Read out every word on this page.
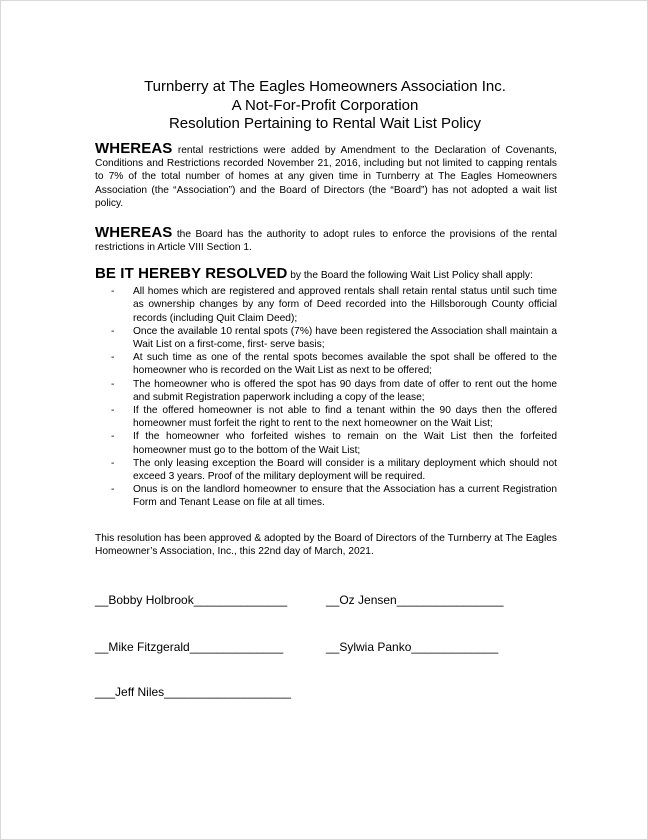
Turnberry at The Eagles Homeowners Association Inc.
A Not-For-Profit Corporation
Resolution Pertaining to Rental Wait List Policy
WHEREAS rental restrictions were added by Amendment to the Declaration of Covenants, Conditions and Restrictions recorded November 21, 2016, including but not limited to capping rentals to 7% of the total number of homes at any given time in Turnberry at The Eagles Homeowners Association (the “Association”) and the Board of Directors (the “Board”) has not adopted a wait list policy.
WHEREAS the Board has the authority to adopt rules to enforce the provisions of the rental restrictions in Article VIII Section 1.
BE IT HEREBY RESOLVED by the Board the following Wait List Policy shall apply:
- All homes which are registered and approved rentals shall retain rental status until such time as ownership changes by any form of Deed recorded into the Hillsborough County official records (including Quit Claim Deed);
- Once the available 10 rental spots (7%) have been registered the Association shall maintain a Wait List on a first-come, first- serve basis;
- At such time as one of the rental spots becomes available the spot shall be offered to the homeowner who is recorded on the Wait List as next to be offered;
- The homeowner who is offered the spot has 90 days from date of offer to rent out the home and submit Registration paperwork including a copy of the lease;
- If the offered homeowner is not able to find a tenant within the 90 days then the offered homeowner must forfeit the right to rent to the next homeowner on the Wait List;
- If the homeowner who forfeited wishes to remain on the Wait List then the forfeited homeowner must go to the bottom of the Wait List;
- The only leasing exception the Board will consider is a military deployment which should not exceed 3 years. Proof of the military deployment will be required.
- Onus is on the landlord homeowner to ensure that the Association has a current Registration Form and Tenant Lease on file at all times.
This resolution has been approved & adopted by the Board of Directors of the Turnberry at The Eagles Homeowner’s Association, Inc., this 22nd day of March, 2021.
__Bobby Holbrook______________	__Oz Jensen________________
__Mike Fitzgerald______________	__Sylwia Panko_____________
___Jeff Niles___________________
